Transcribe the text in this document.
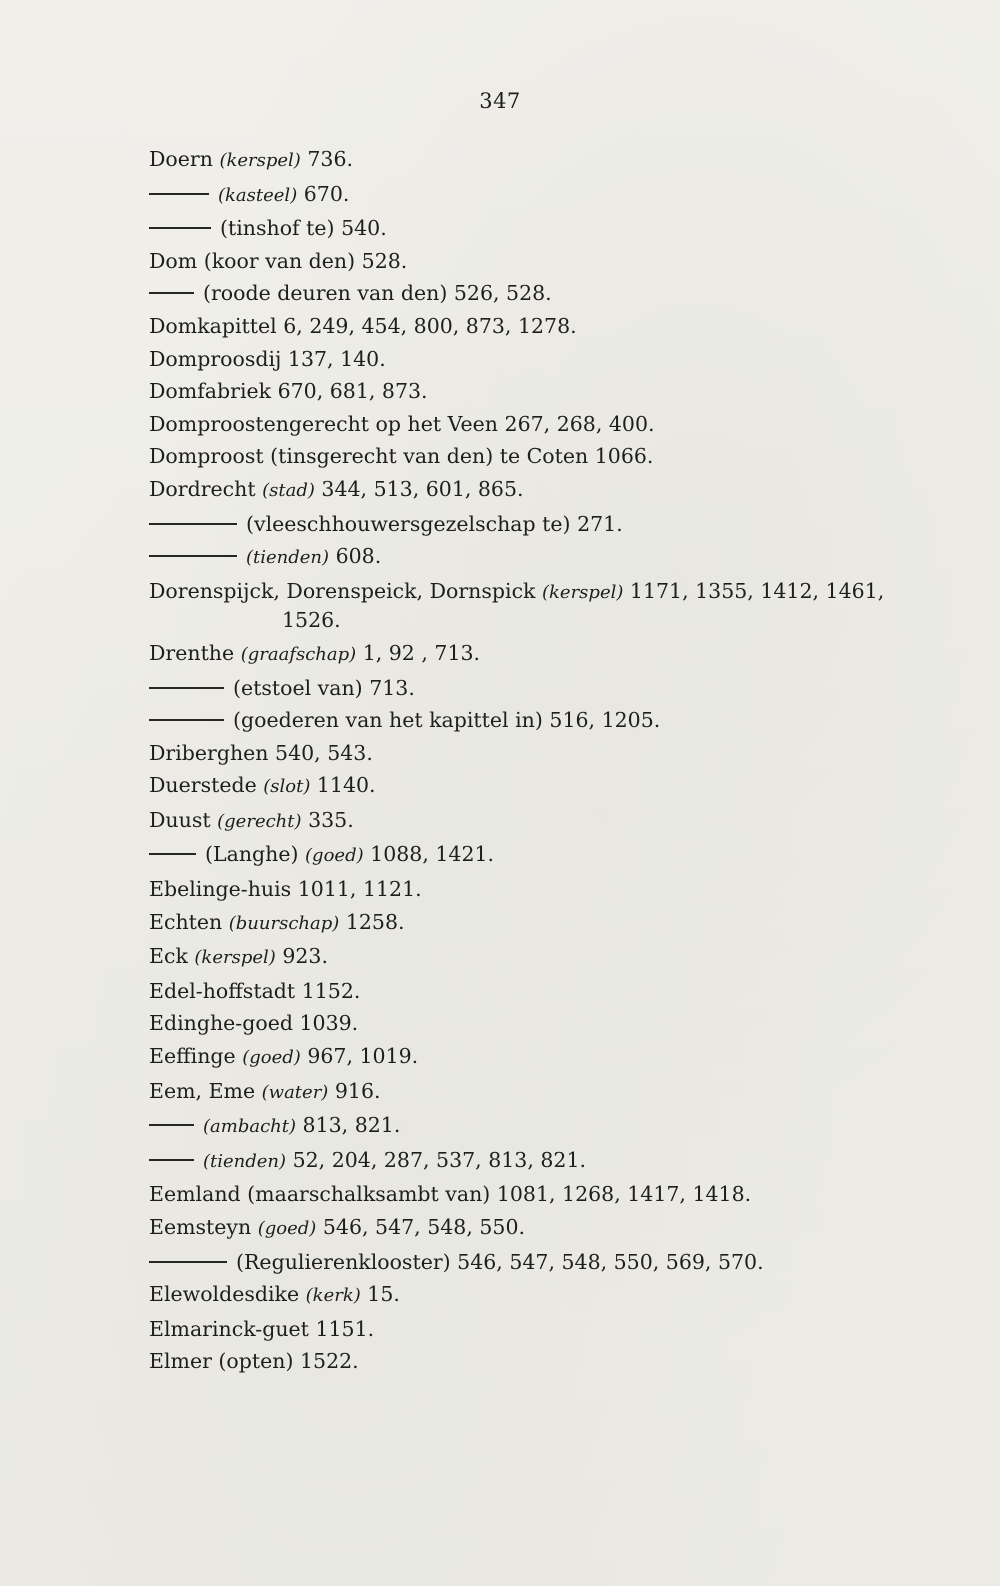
347
Doern (kerspel) 736.
(kasteel) 670.
(tinshof te) 540.
Dom (koor van den) 528.
(roode deuren van den) 526, 528.
Domkapittel 6, 249, 454, 800, 873, 1278.
Domproosdij 137, 140.
Domfabriek 670, 681, 873.
Domproostengerecht op het Veen 267, 268, 400.
Domproost (tinsgerecht van den) te Coten 1066.
Dordrecht (stad) 344, 513, 601, 865.
(vleeschhouwersgezelschap te) 271.
(tienden) 608.
Dorenspijck, Dorenspeick, Dornspick (kerspel) 1171, 1355, 1412, 1461,
1526.
Drenthe (graafschap) 1, 92 , 713.
(etstoel van) 713.
(goederen van het kapittel in) 516, 1205.
Driberghen 540, 543.
Duerstede (slot) 1140.
Duust (gerecht) 335.
(Langhe) (goed) 1088, 1421.
Ebelinge-huis 1011, 1121.
Echten (buurschap) 1258.
Eck (kerspel) 923.
Edel-hoffstadt 1152.
Edinghe-goed 1039.
Eeffinge (goed) 967, 1019.
Eem, Eme (water) 916.
(ambacht) 813, 821.
(tienden) 52, 204, 287, 537, 813, 821.
Eemland (maarschalksambt van) 1081, 1268, 1417, 1418.
Eemsteyn (goed) 546, 547, 548, 550.
(Regulierenklooster) 546, 547, 548, 550, 569, 570.
Elewoldesdike (kerk) 15.
Elmarinck-guet 1151.
Elmer (opten) 1522.
